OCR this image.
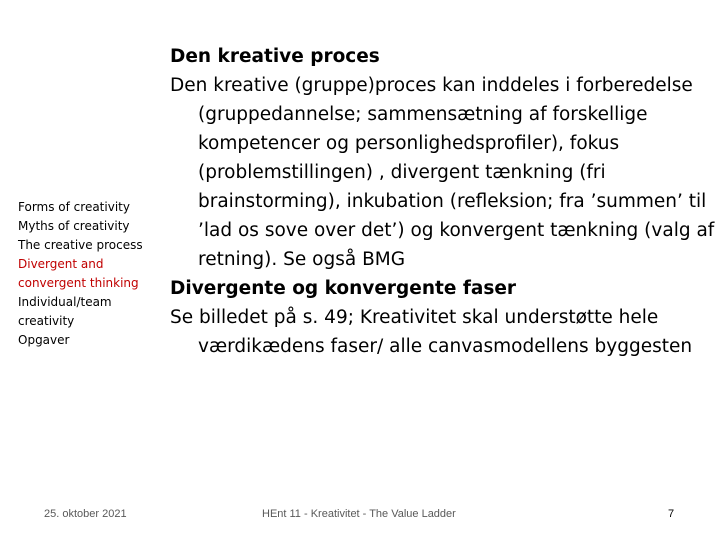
Forms of creativity
Myths of creativity
The creative process
Divergent and convergent thinking
Individual/team creativity
Opgaver

Den kreative proces

Den kreative (gruppe)proces kan inddeles i forberedelse (gruppedannelse; sammensætning af forskellige kompetencer og personlighedsprofiler), fokus (problemstillingen) , divergent tænkning (fri brainstorming), inkubation (refleksion; fra ’summen’ til ’lad os sove over det’) og konvergent tænkning (valg af retning). Se også BMG

Divergente og konvergente faser

Se billedet på s. 49; Kreativitet skal understøtte hele værdikædens faser/ alle canvasmodellens byggesten

25. oktober 2021	HEnt 11 - Kreativitet - The Value Ladder	7
